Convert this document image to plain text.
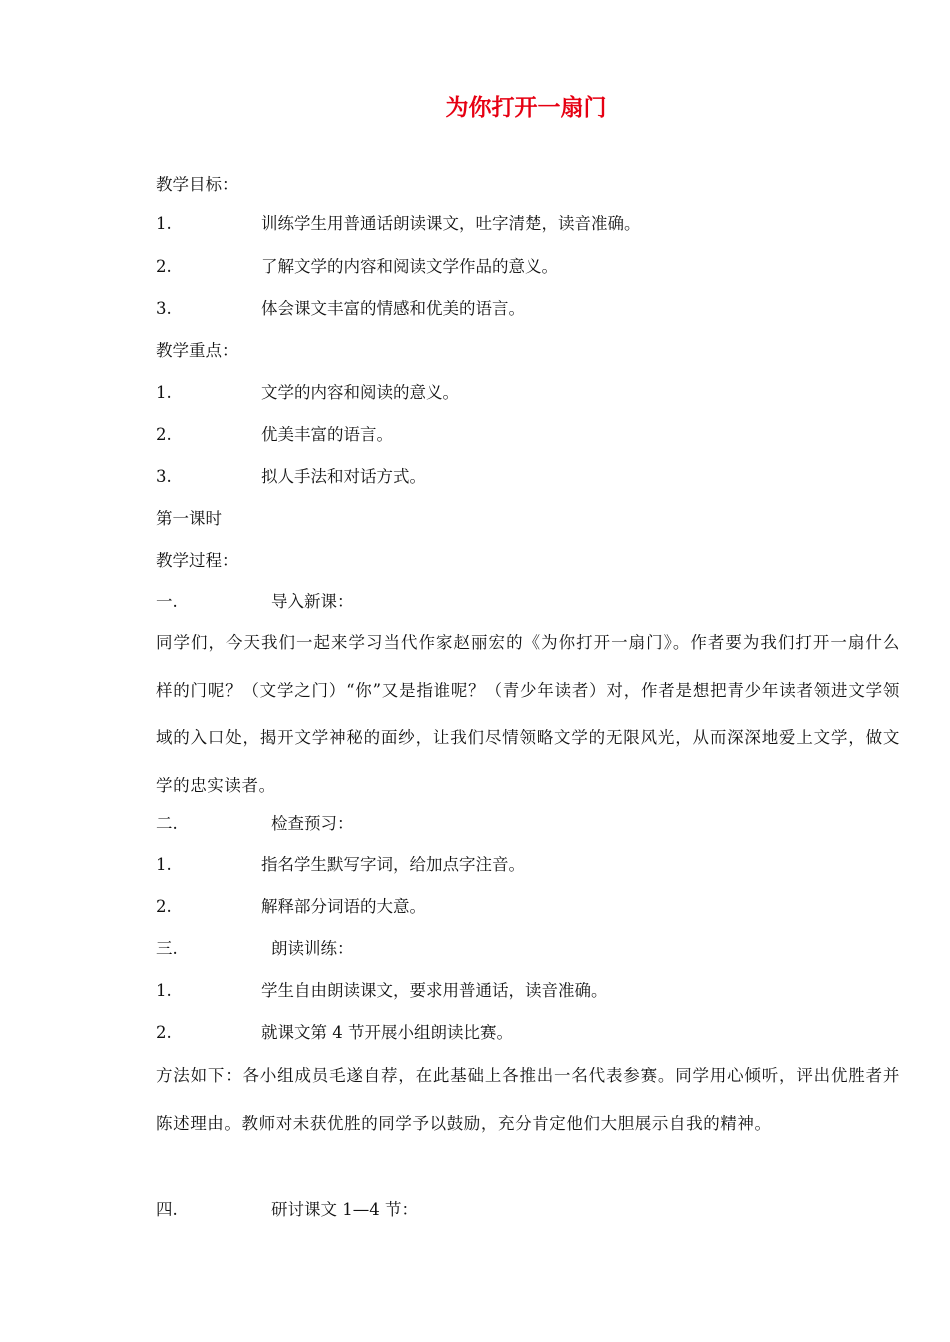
为你打开一扇门
教学目标：
1.	训练学生用普通话朗读课文，吐字清楚，读音准确。
2.	了解文学的内容和阅读文学作品的意义。
3.	体会课文丰富的情感和优美的语言。
教学重点：
1.	文学的内容和阅读的意义。
2.	优美丰富的语言。
3.	拟人手法和对话方式。
第一课时
教学过程：
一.	导入新课：
同学们，今天我们一起来学习当代作家赵丽宏的《为你打开一扇门》。作者要为我们打开一扇什么样的门呢？（文学之门）“你”又是指谁呢？（青少年读者）对，作者是想把青少年读者领进文学领域的入口处，揭开文学神秘的面纱，让我们尽情领略文学的无限风光，从而深深地爱上文学，做文学的忠实读者。
二.	检查预习：
1.	指名学生默写字词，给加点字注音。
2.	解释部分词语的大意。
三.	朗读训练：
1.	学生自由朗读课文，要求用普通话，读音准确。
2.	就课文第 4 节开展小组朗读比赛。
方法如下：各小组成员毛遂自荐，在此基础上各推出一名代表参赛。同学用心倾听，评出优胜者并陈述理由。教师对未获优胜的同学予以鼓励，充分肯定他们大胆展示自我的精神。
四.	研讨课文 1—4 节：
